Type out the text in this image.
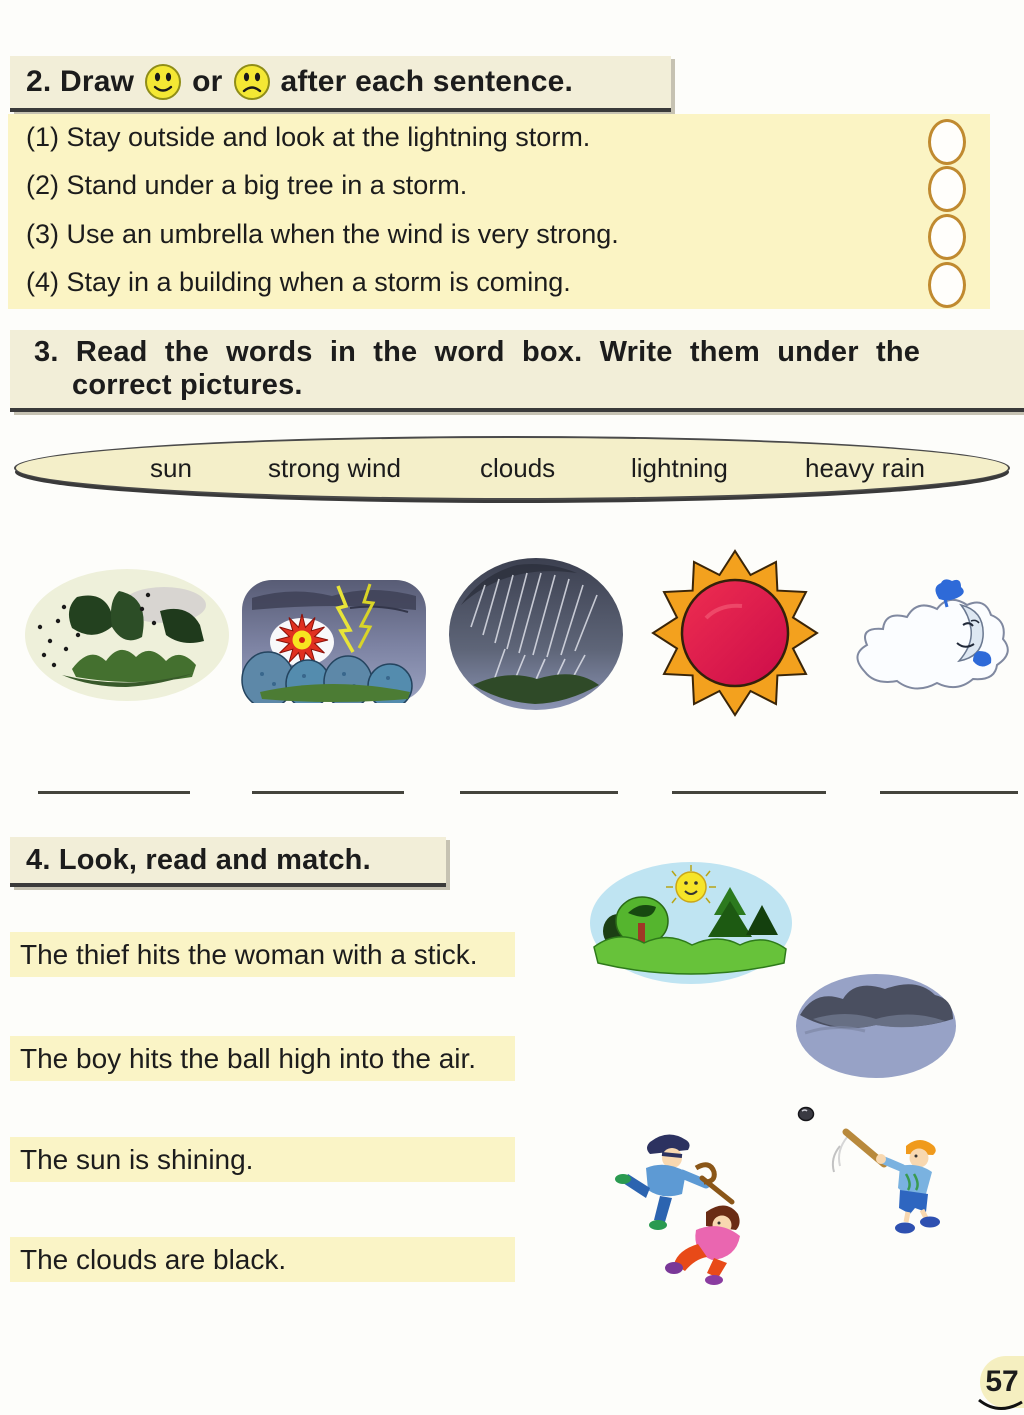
2. Draw or after each sentence.
(1) Stay outside and look at the lightning storm.
(2) Stand under a big tree in a storm.
(3) Use an umbrella when the wind is very strong.
(4) Stay in a building when a storm is coming.
3. Read the words in the word box. Write them under the
correct pictures.
sun	strong wind	clouds	lightning	heavy rain
4. Look, read and match.
The thief hits the woman with a stick.
The boy hits the ball high into the air.
The sun is shining.
The clouds are black.
57
